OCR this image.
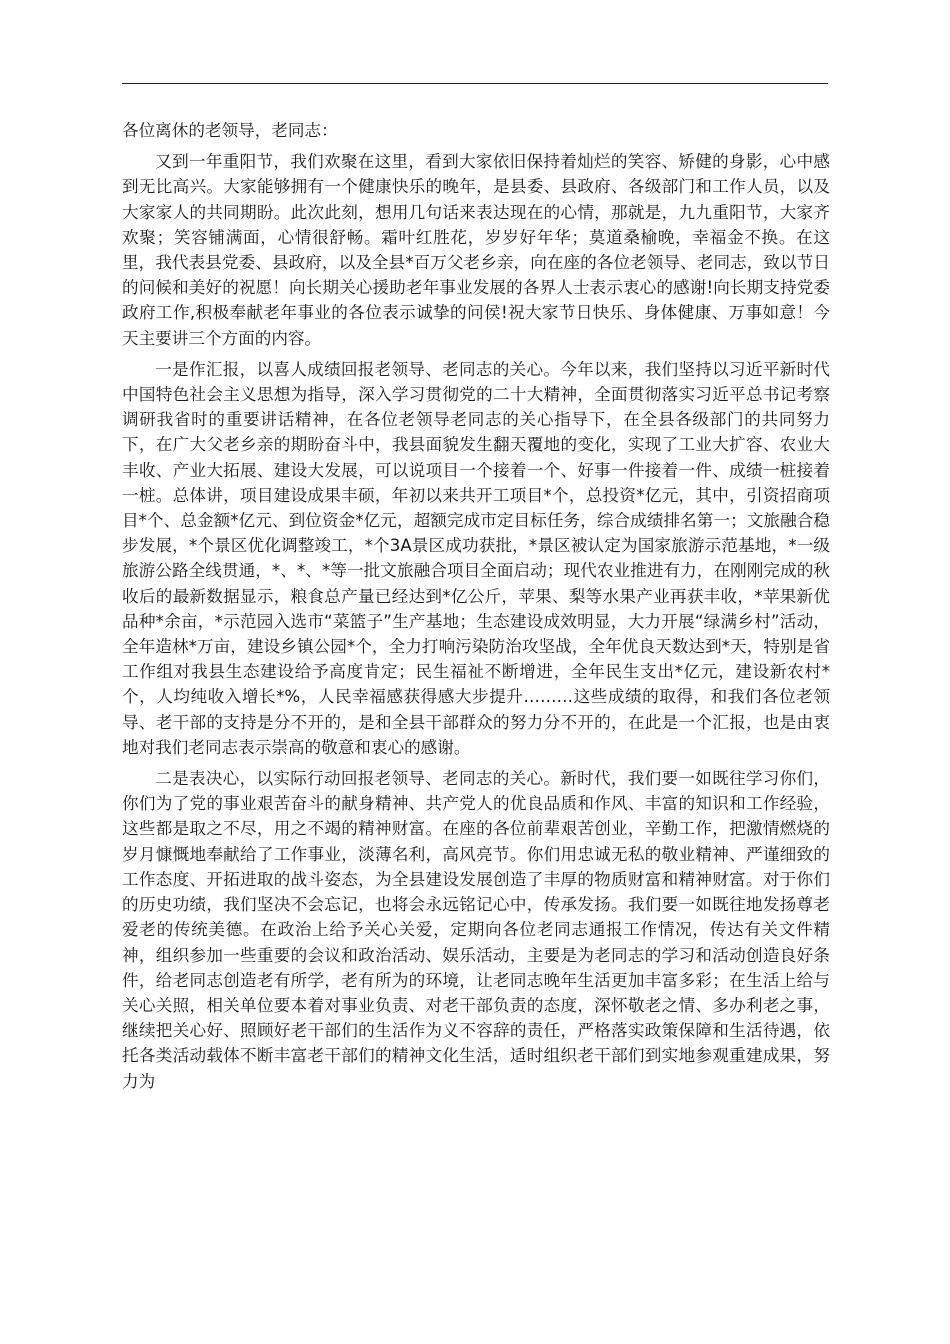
各位离休的老领导，老同志：

又到一年重阳节，我们欢聚在这里，看到大家依旧保持着灿烂的笑容、矫健的身影，心中感到无比高兴。大家能够拥有一个健康快乐的晚年，是县委、县政府、各级部门和工作人员，以及大家家人的共同期盼。此次此刻，想用几句话来表达现在的心情，那就是，九九重阳节，大家齐欢聚；笑容铺满面，心情很舒畅。霜叶红胜花，岁岁好年华；莫道桑榆晚，幸福金不换。在这里，我代表县党委、县政府，以及全县*百万父老乡亲，向在座的各位老领导、老同志，致以节日的问候和美好的祝愿！向长期关心援助老年事业发展的各界人士表示衷心的感谢!向长期支持党委政府工作,积极奉献老年事业的各位表示诚挚的问侯!祝大家节日快乐、身体健康、万事如意！今天主要讲三个方面的内容。

一是作汇报，以喜人成绩回报老领导、老同志的关心。今年以来，我们坚持以习近平新时代中国特色社会主义思想为指导，深入学习贯彻党的二十大精神，全面贯彻落实习近平总书记考察调研我省时的重要讲话精神，在各位老领导老同志的关心指导下，在全县各级部门的共同努力下，在广大父老乡亲的期盼奋斗中，我县面貌发生翻天覆地的变化，实现了工业大扩容、农业大丰收、产业大拓展、建设大发展，可以说项目一个接着一个、好事一件接着一件、成绩一桩接着一桩。总体讲，项目建设成果丰硕，年初以来共开工项目*个，总投资*亿元，其中，引资招商项目*个、总金额*亿元、到位资金*亿元，超额完成市定目标任务，综合成绩排名第一；文旅融合稳步发展，*个景区优化调整竣工，*个3A景区成功获批，*景区被认定为国家旅游示范基地，*一级旅游公路全线贯通，*、*、*等一批文旅融合项目全面启动；现代农业推进有力，在刚刚完成的秋收后的最新数据显示，粮食总产量已经达到*亿公斤，苹果、梨等水果产业再获丰收，*苹果新优品种*余亩，*示范园入选市“菜篮子”生产基地；生态建设成效明显，大力开展“绿满乡村”活动，全年造林*万亩，建设乡镇公园*个，全力打响污染防治攻坚战，全年优良天数达到*天，特别是省工作组对我县生态建设给予高度肯定；民生福祉不断增进，全年民生支出*亿元，建设新农村*个，人均纯收入增长*%，人民幸福感获得感大步提升………这些成绩的取得，和我们各位老领导、老干部的支持是分不开的，是和全县干部群众的努力分不开的，在此是一个汇报，也是由衷地对我们老同志表示崇高的敬意和衷心的感谢。

二是表决心，以实际行动回报老领导、老同志的关心。新时代，我们要一如既往学习你们，你们为了党的事业艰苦奋斗的献身精神、共产党人的优良品质和作风、丰富的知识和工作经验，这些都是取之不尽，用之不竭的精神财富。在座的各位前辈艰苦创业，辛勤工作，把激情燃烧的岁月慷慨地奉献给了工作事业，淡薄名利，高风亮节。你们用忠诚无私的敬业精神、严谨细致的工作态度、开拓进取的战斗姿态，为全县建设发展创造了丰厚的物质财富和精神财富。对于你们的历史功绩，我们坚决不会忘记，也将会永远铭记心中，传承发扬。我们要一如既往地发扬尊老爱老的传统美德。在政治上给予关心关爱，定期向各位老同志通报工作情况，传达有关文件精神，组织参加一些重要的会议和政治活动、娱乐活动，主要是为老同志的学习和活动创造良好条件，给老同志创造老有所学，老有所为的环境，让老同志晚年生活更加丰富多彩；在生活上给与关心关照，相关单位要本着对事业负责、对老干部负责的态度，深怀敬老之情、多办利老之事，继续把关心好、照顾好老干部们的生活作为义不容辞的责任，严格落实政策保障和生活待遇，依托各类活动载体不断丰富老干部们的精神文化生活，适时组织老干部们到实地参观重建成果，努力为
